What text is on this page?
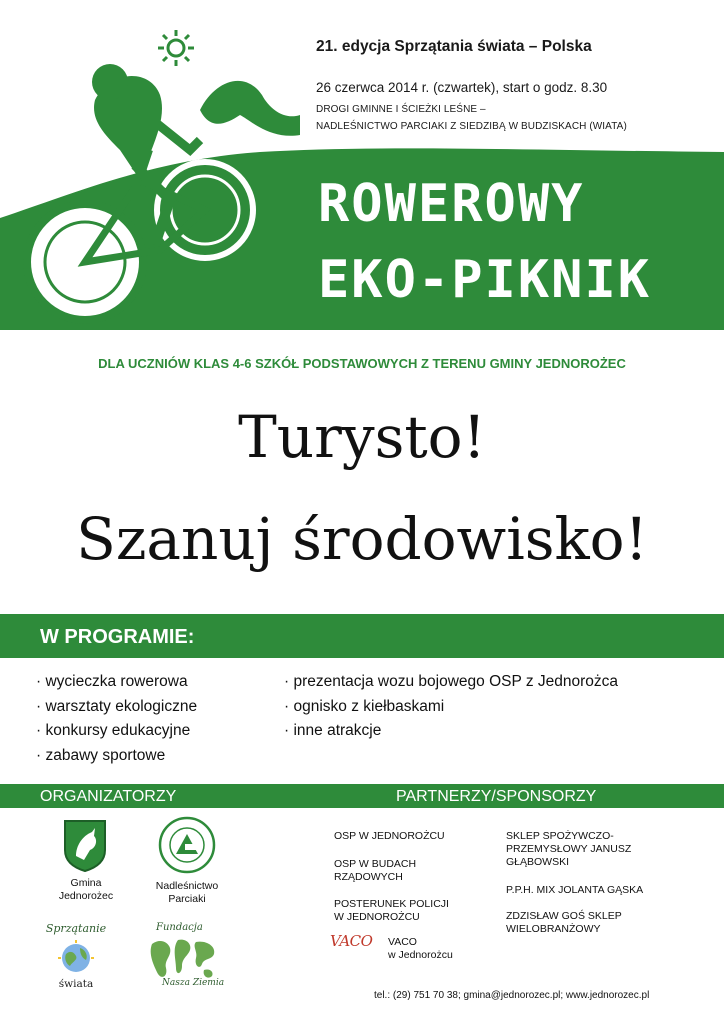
21. edycja Sprzątania świata – Polska
26 czerwca 2014 r. (czwartek), start o godz. 8.30
DROGI GMINNE I ŚCIEŻKI LEŚNE –
NADLEŚNICTWO PARCIAKI Z SIEDZIBĄ W BUDZISKACH (WIATA)
ROWEROWY
EKO-PIKNIK
DLA UCZNIÓW KLAS 4-6 SZKÓŁ PODSTAWOWYCH Z TERENU GMINY JEDNOROŻEC
Turysto!
Szanuj środowisko!
W PROGRAMIE:
· wycieczka rowerowa
· warsztaty ekologiczne
· konkursy edukacyjne
· zabawy sportowe
· prezentacja wozu bojowego OSP z Jednorożca
· ognisko z kiełbaskami
· inne atrakcje
ORGANIZATORZY	PARTNERZY/SPONSORZY
Gmina
Jednorożec
Nadleśnictwo
Parciaki
Sprzątanie
świata
Fundacja
Nasza Ziemia
OSP W JEDNOROŻCU
OSP W BUDACH
RZĄDOWYCH
POSTERUNEK POLICJI
W JEDNOROŻCU
VACO VACO
w Jednorożcu
SKLEP SPOŻYWCZO-
PRZEMYSŁOWY JANUSZ
GŁĄBOWSKI
P.P.H. MIX JOLANTA GĄSKA
ZDZISŁAW GOŚ SKLEP
WIELOBRANŻOWY
tel.: (29) 751 70 38; gmina@jednorozec.pl; www.jednorozec.pl
